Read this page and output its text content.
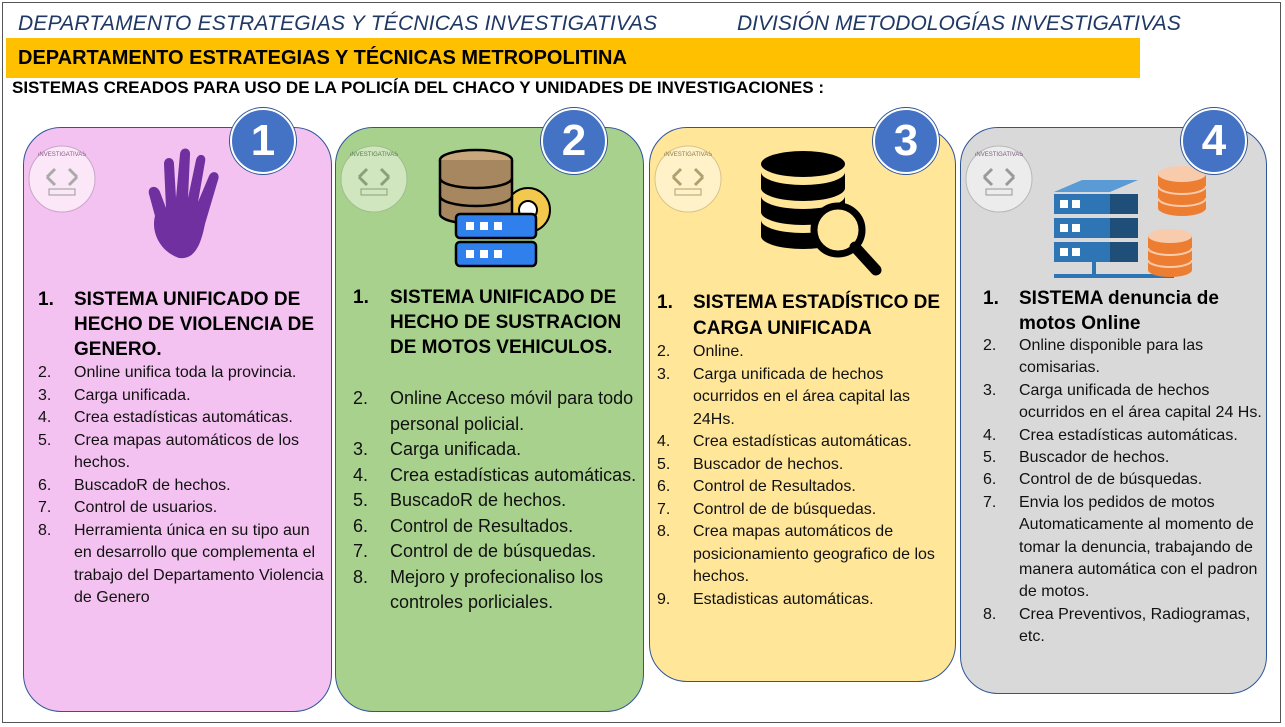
DEPARTAMENTO ESTRATEGIAS Y TÉCNICAS INVESTIGATIVAS	DIVISIÓN METODOLOGÍAS INVESTIGATIVAS
DEPARTAMENTO ESTRATEGIAS Y TÉCNICAS METROPOLITINA
SISTEMAS CREADOS PARA USO DE LA POLICÍA DEL CHACO Y UNIDADES DE INVESTIGACIONES :
INVESTIGATIVAS	1
1.	SISTEMA UNIFICADO DE HECHO DE VIOLENCIA DE GENERO.
2.	Online unifica toda la provincia.
3.	Carga unificada.
4.	Crea estadísticas automáticas.
5.	Crea mapas automáticos de los hechos.
6.	BuscadoR de hechos.
7.	Control de usuarios.
8.	Herramienta única en su tipo aun en desarrollo que complementa el trabajo del Departamento Violencia de Genero
INVESTIGATIVAS	2
1.	SISTEMA UNIFICADO DE HECHO DE SUSTRACION DE MOTOS VEHICULOS.
2.	Online Acceso móvil para todo personal policial.
3.	Carga unificada.
4.	Crea estadísticas automáticas.
5.	BuscadoR de hechos.
6.	Control de Resultados.
7.	Control de de búsquedas.
8.	Mejoro y profecionaliso los controles porliciales.
INVESTIGATIVAS	3
1.	SISTEMA ESTADÍSTICO DE CARGA UNIFICADA
2.	Online.
3.	Carga unificada de hechos ocurridos en el área capital las 24Hs.
4.	Crea estadísticas automáticas.
5.	Buscador de hechos.
6.	Control de Resultados.
7.	Control de de búsquedas.
8.	Crea mapas automáticos de posicionamiento geografico de los hechos.
9.	Estadisticas automáticas.
INVESTIGATIVAS	4
1.	SISTEMA denuncia de motos Online
2.	Online disponible para las comisarias.
3.	Carga unificada de hechos ocurridos en el área capital 24 Hs.
4.	Crea estadísticas automáticas.
5.	Buscador de hechos.
6.	Control de de búsquedas.
7.	Envia los pedidos de motos Automaticamente al momento de tomar la denuncia, trabajando de manera automática con el padron de motos.
8.	Crea Preventivos, Radiogramas, etc.
